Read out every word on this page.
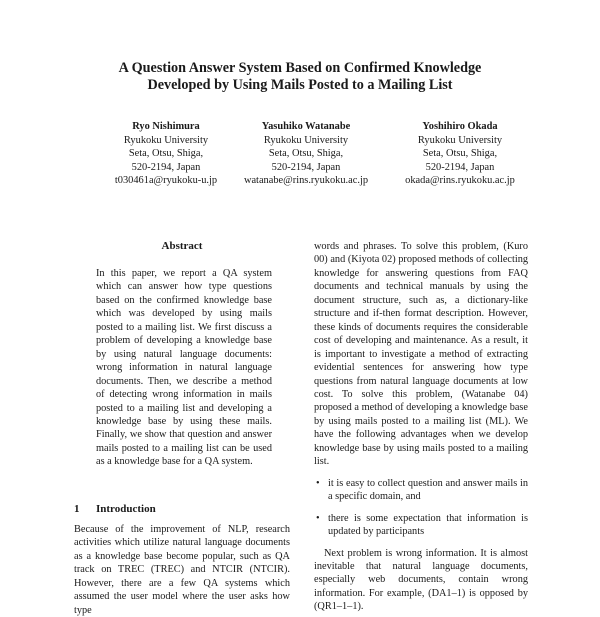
A Question Answer System Based on Confirmed Knowledge
Developed by Using Mails Posted to a Mailing List
Ryo Nishimura
Ryukoku University
Seta, Otsu, Shiga,
520-2194, Japan
t030461a@ryukoku-u.jp
Yasuhiko Watanabe
Ryukoku University
Seta, Otsu, Shiga,
520-2194, Japan
watanabe@rins.ryukoku.ac.jp
Yoshihiro Okada
Ryukoku University
Seta, Otsu, Shiga,
520-2194, Japan
okada@rins.ryukoku.ac.jp
Abstract
In this paper, we report a QA system which can answer how type questions based on the confirmed knowledge base which was developed by using mails posted to a mailing list. We first discuss a problem of developing a knowledge base by using natural language documents: wrong information in natural language documents. Then, we describe a method of detecting wrong information in mails posted to a mailing list and developing a knowledge base by using these mails. Finally, we show that question and answer mails posted to a mailing list can be used as a knowledge base for a QA system.
1 Introduction
Because of the improvement of NLP, research activities which utilize natural language documents as a knowledge base become popular, such as QA track on TREC (TREC) and NTCIR (NTCIR). However, there are a few QA systems which assumed the user model where the user asks how type

words and phrases. To solve this problem, (Kuro 00) and (Kiyota 02) proposed methods of collecting knowledge for answering questions from FAQ documents and technical manuals by using the document structure, such as, a dictionary-like structure and if-then format description. However, these kinds of documents requires the considerable cost of developing and maintenance. As a result, it is important to investigate a method of extracting evidential sentences for answering how type questions from natural language documents at low cost. To solve this problem, (Watanabe 04) proposed a method of developing a knowledge base by using mails posted to a mailing list (ML). We have the following advantages when we develop knowledge base by using mails posted to a mailing list.

• it is easy to collect question and answer mails in a specific domain, and
• there is some expectation that information is updated by participants

Next problem is wrong information. It is almost inevitable that natural language documents, especially web documents, contain wrong information. For example, (DA1–1) is opposed by (QR1–1–1).
